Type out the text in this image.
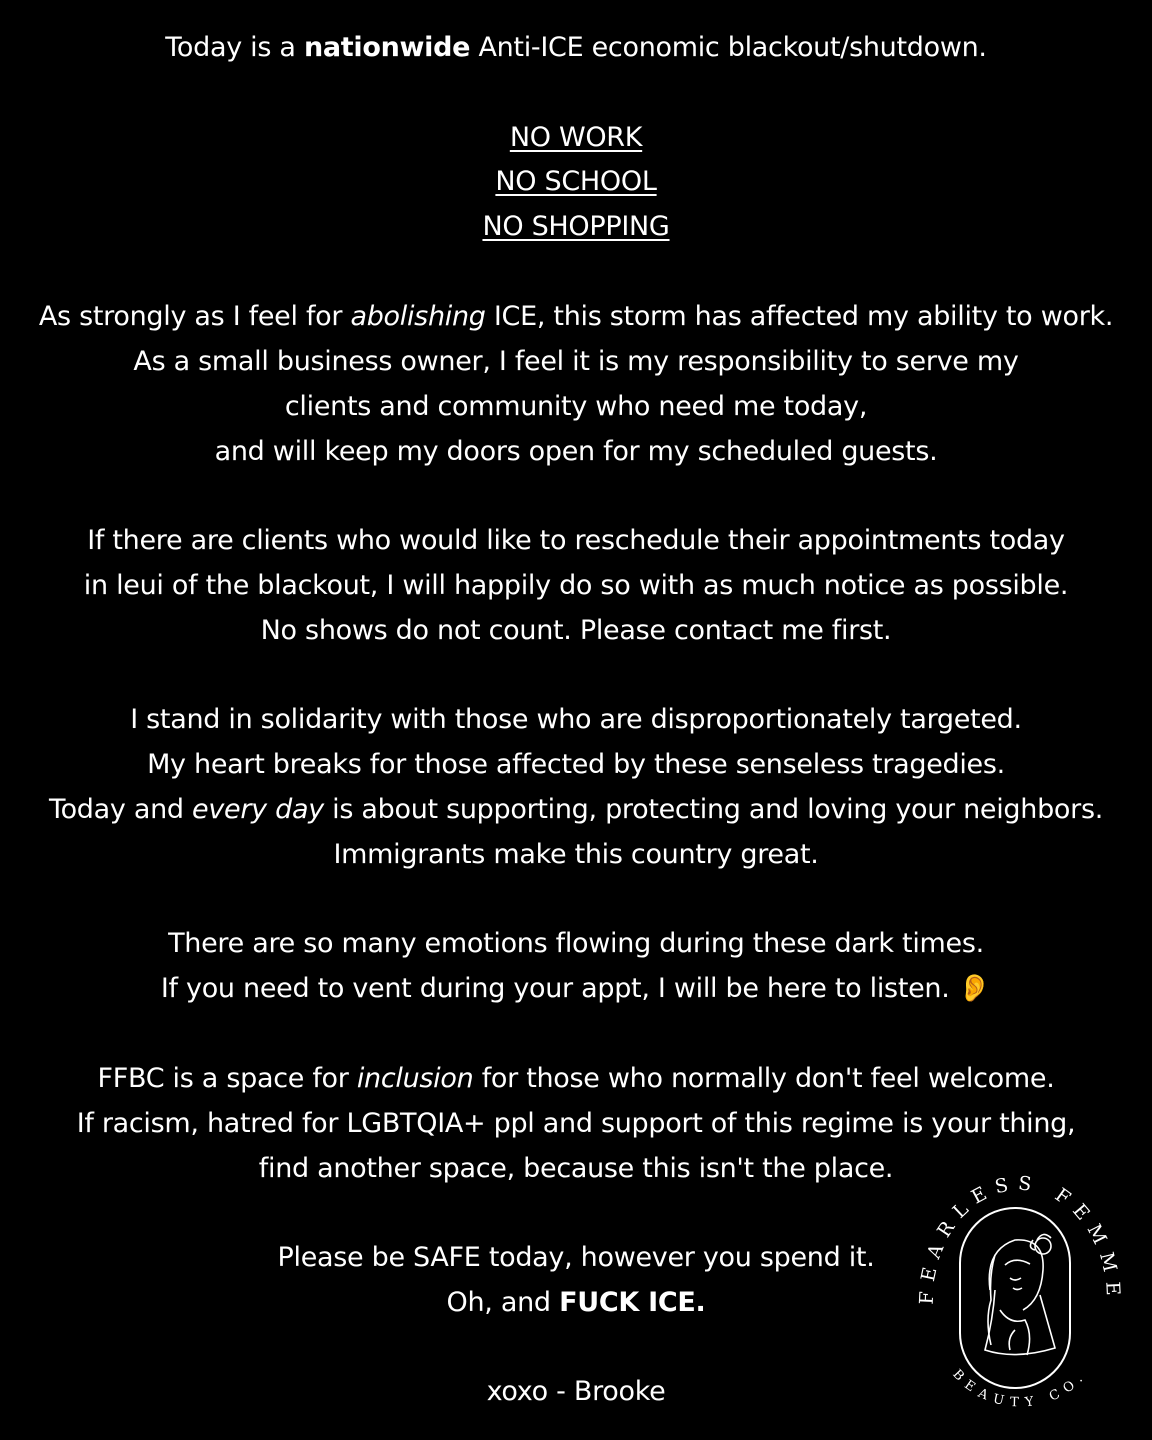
Today is a nationwide Anti-ICE economic blackout/shutdown.
NO WORK
NO SCHOOL
NO SHOPPING
As strongly as I feel for abolishing ICE, this storm has affected my ability to work.
As a small business owner, I feel it is my responsibility to serve my
clients and community who need me today,
and will keep my doors open for my scheduled guests.
If there are clients who would like to reschedule their appointments today
in leui of the blackout, I will happily do so with as much notice as possible.
No shows do not count. Please contact me first.
I stand in solidarity with those who are disproportionately targeted.
My heart breaks for those affected by these senseless tragedies.
Today and every day is about supporting, protecting and loving your neighbors.
Immigrants make this country great.
There are so many emotions flowing during these dark times.
If you need to vent during your appt, I will be here to listen. 👂
FFBC is a space for inclusion for those who normally don't feel welcome.
If racism, hatred for LGBTQIA+ ppl and support of this regime is your thing,
find another space, because this isn't the place.
Please be SAFE today, however you spend it.
Oh, and FUCK ICE.
xoxo - Brooke
FEARLESS FEMME
BEAUTY CO.
